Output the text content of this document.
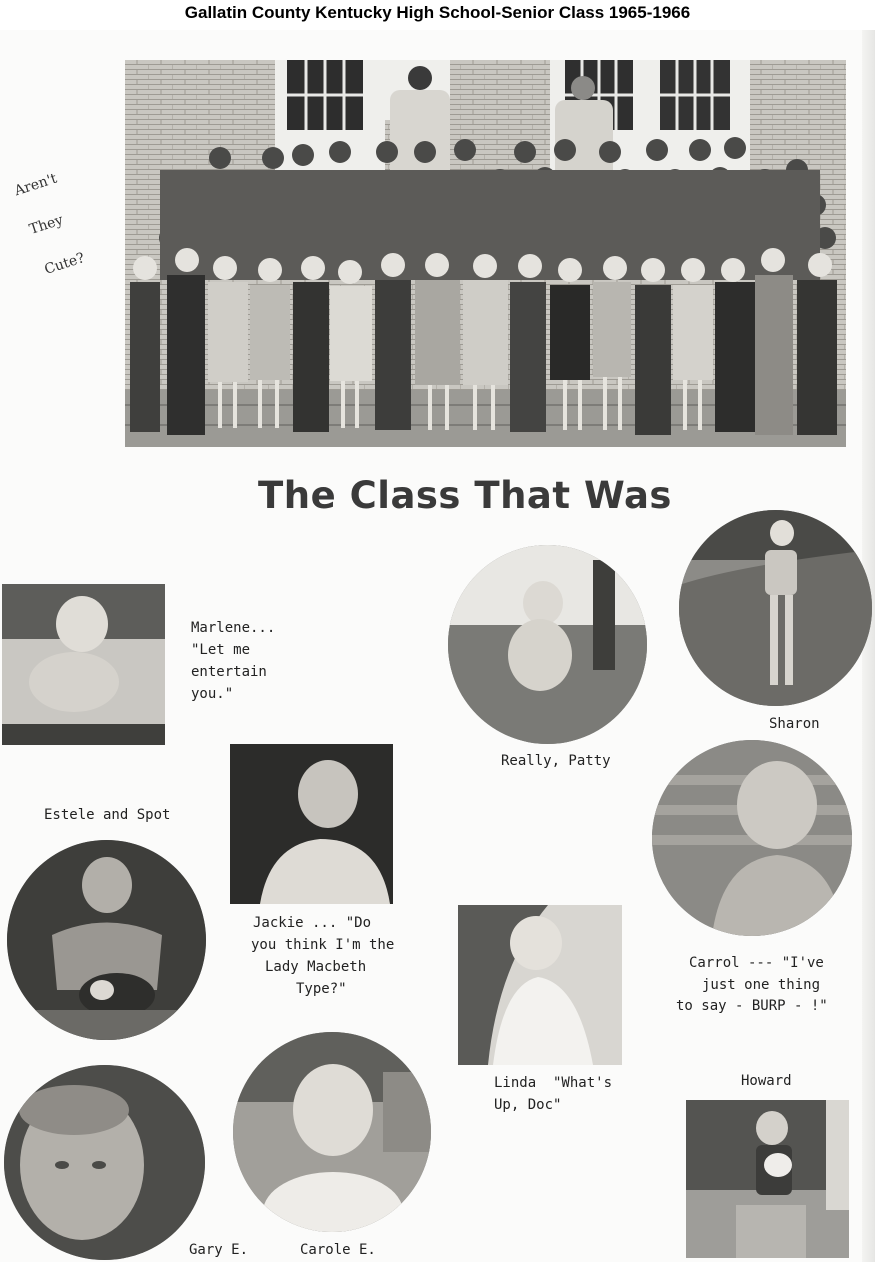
Gallatin County Kentucky High School-Senior Class 1965-1966
Aren't
They
Cute?
The Class That Was
Marlene...
"Let me
entertain
you."
Really, Patty
Sharon
Estele and Spot
Jackie ... "Do
you think I'm the
Lady Macbeth
Type?"
Carrol --- "I've
just one thing
to say - BURP - !"
Linda  "What's
Up, Doc"
Howard
Gary E.	Carole E.
